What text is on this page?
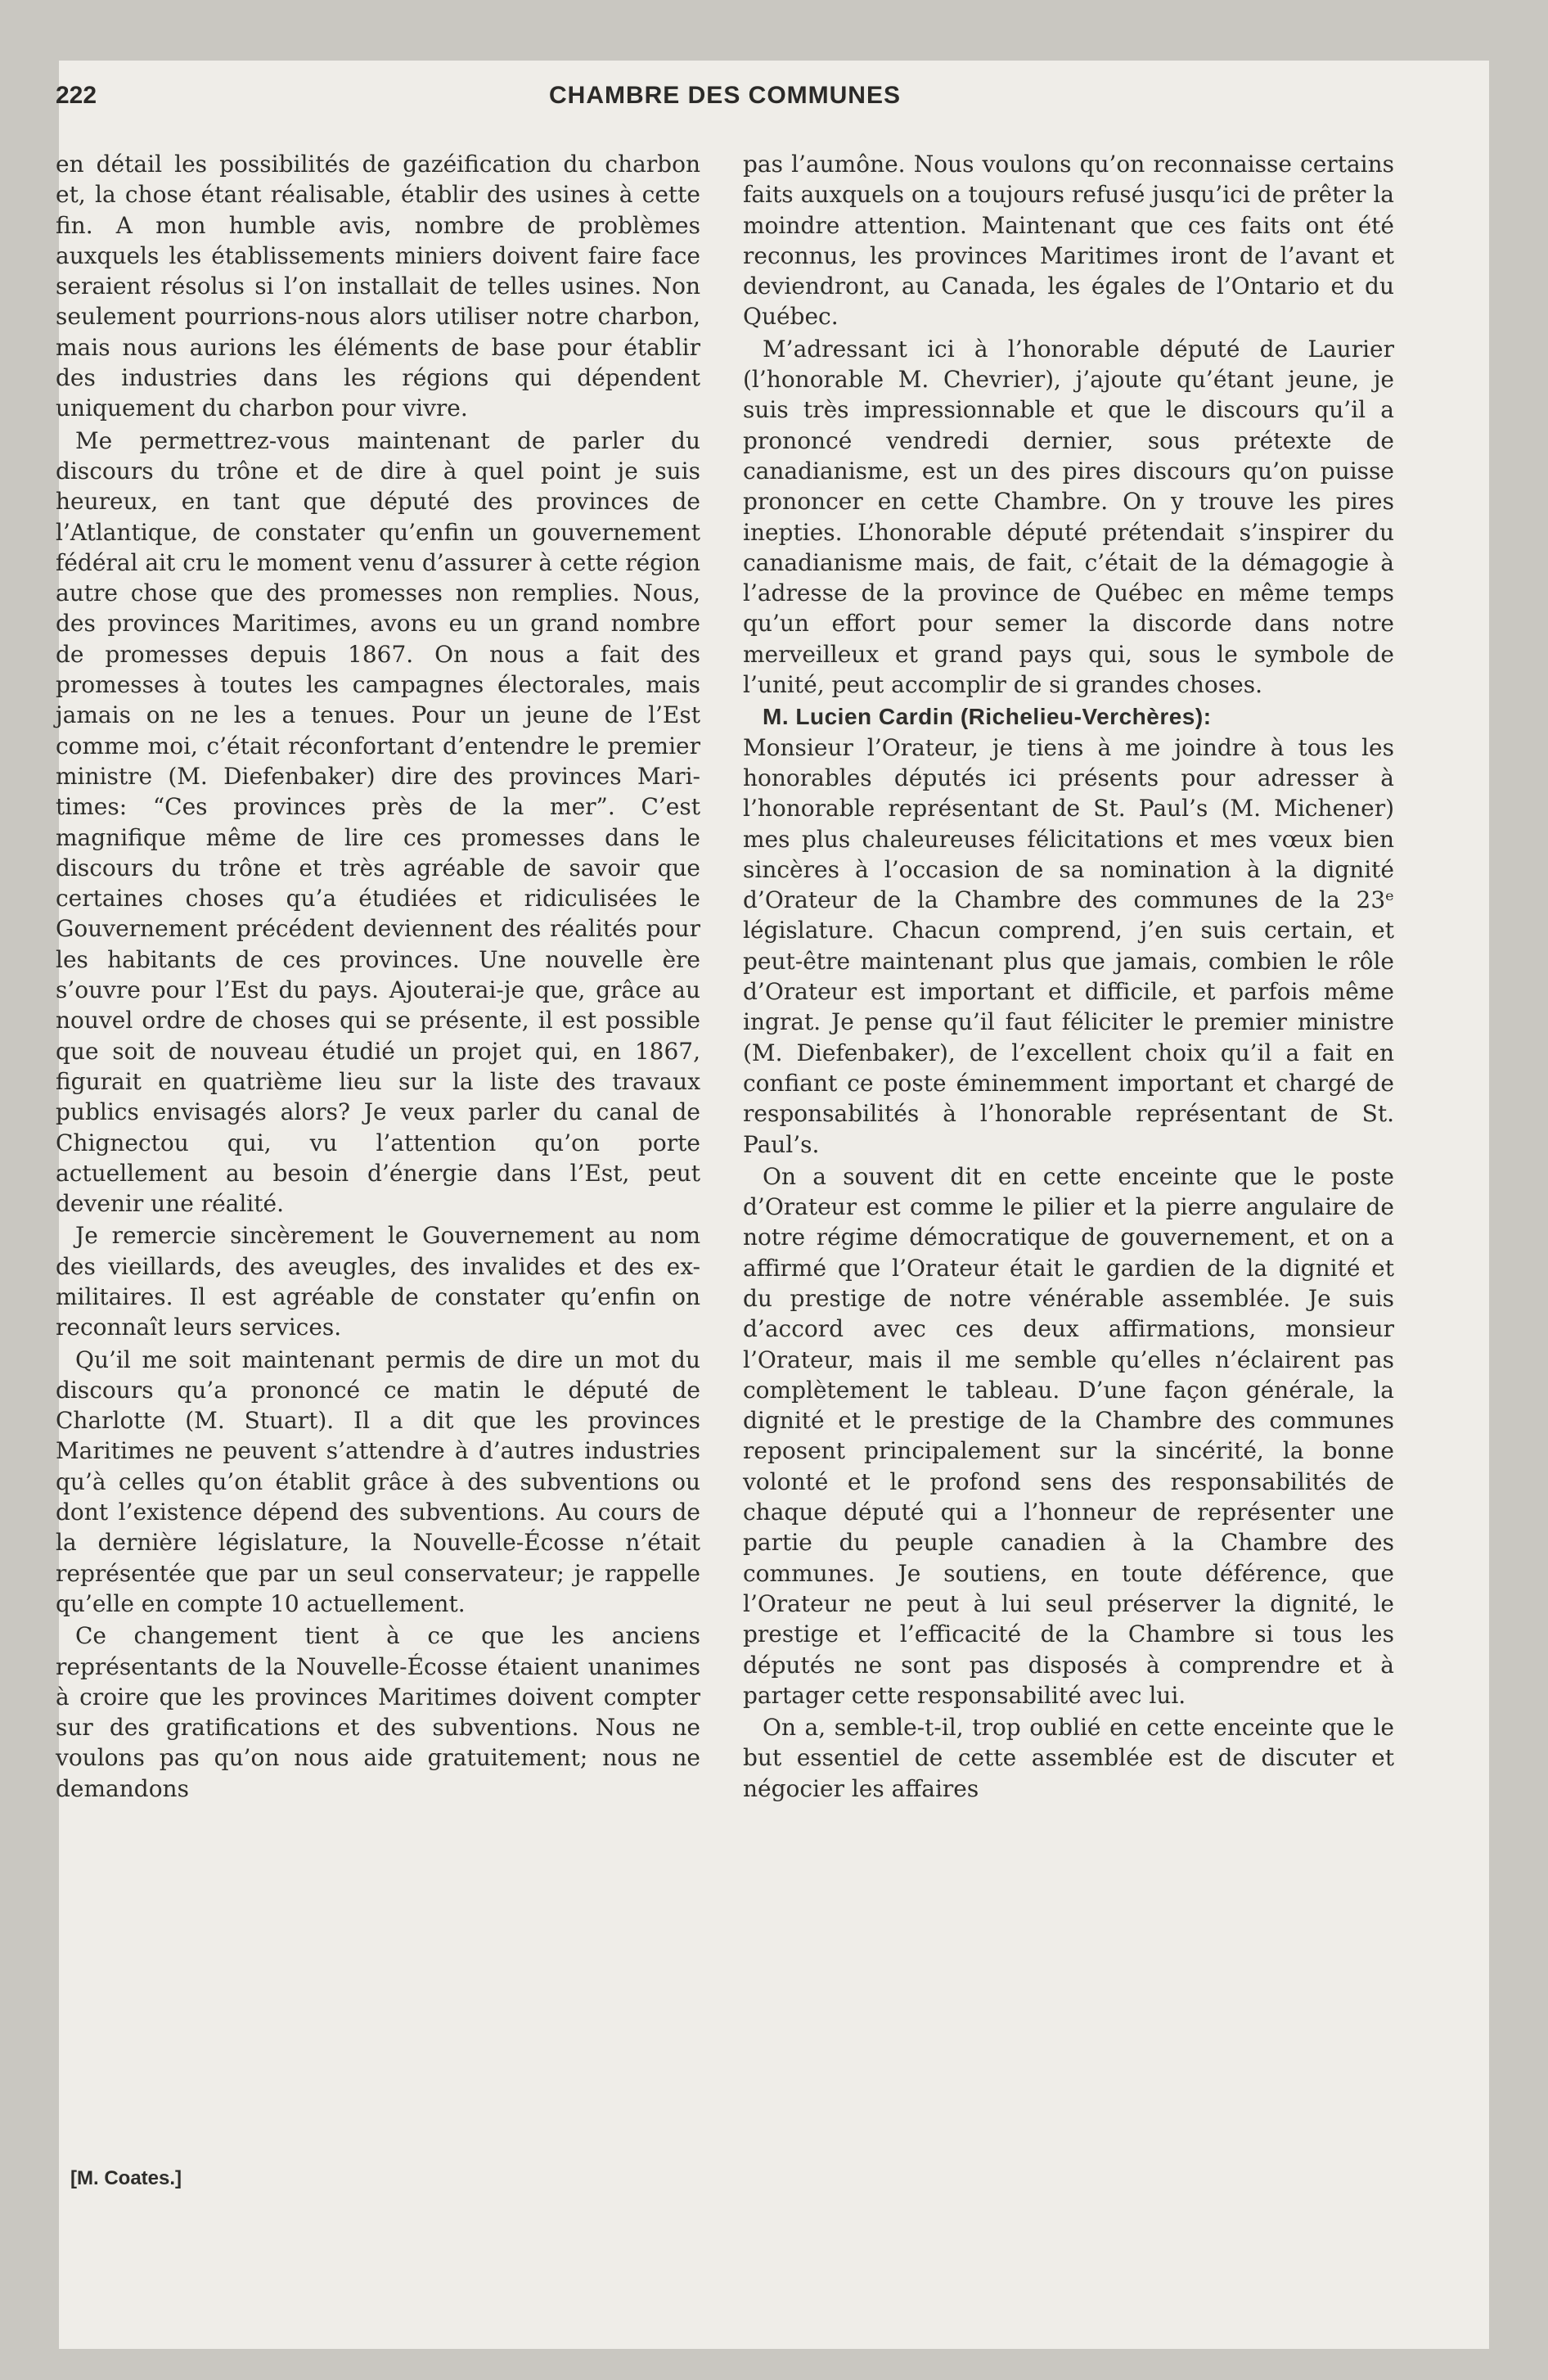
222	CHAMBRE DES COMMUNES

en détail les possibilités de gazéification du charbon et, la chose étant réalisable, établir des usines à cette fin. A mon humble avis, nombre de problèmes auxquels les établissements miniers doivent faire face seraient résolus si l’on installait de telles usines. Non seulement pourrions-nous alors utiliser notre charbon, mais nous aurions les éléments de base pour établir des industries dans les régions qui dépendent uniquement du charbon pour vivre.

Me permettrez-vous maintenant de parler du discours du trône et de dire à quel point je suis heureux, en tant que député des provinces de l’Atlantique, de constater qu’enfin un gouvernement fédéral ait cru le moment venu d’assurer à cette région autre chose que des promesses non remplies. Nous, des provinces Maritimes, avons eu un grand nombre de promesses depuis 1867. On nous a fait des promesses à toutes les campagnes électorales, mais jamais on ne les a tenues. Pour un jeune de l’Est comme moi, c’était réconfortant d’entendre le premier ministre (M. Diefenbaker) dire des provinces Maritimes: “Ces provinces près de la mer”. C’est magnifique même de lire ces promesses dans le discours du trône et très agréable de savoir que certaines choses qu’a étudiées et ridiculisées le Gouvernement précédent deviennent des réalités pour les habitants de ces provinces. Une nouvelle ère s’ouvre pour l’Est du pays. Ajouterai-je que, grâce au nouvel ordre de choses qui se présente, il est possible que soit de nouveau étudié un projet qui, en 1867, figurait en quatrième lieu sur la liste des travaux publics envisagés alors? Je veux parler du canal de Chignectou qui, vu l’attention qu’on porte actuellement au besoin d’énergie dans l’Est, peut devenir une réalité.

Je remercie sincèrement le Gouvernement au nom des vieillards, des aveugles, des invalides et des ex-militaires. Il est agréable de constater qu’enfin on reconnaît leurs services.

Qu’il me soit maintenant permis de dire un mot du discours qu’a prononcé ce matin le député de Charlotte (M. Stuart). Il a dit que les provinces Maritimes ne peuvent s’attendre à d’autres industries qu’à celles qu’on établit grâce à des subventions ou dont l’existence dépend des subventions. Au cours de la dernière législature, la Nouvelle-Écosse n’était représentée que par un seul conservateur; je rappelle qu’elle en compte 10 actuellement.

Ce changement tient à ce que les anciens représentants de la Nouvelle-Écosse étaient unanimes à croire que les provinces Maritimes doivent compter sur des gratifications et des subventions. Nous ne voulons pas qu’on nous aide gratuitement; nous ne demandons

pas l’aumône. Nous voulons qu’on reconnaisse certains faits auxquels on a toujours refusé jusqu’ici de prêter la moindre attention. Maintenant que ces faits ont été reconnus, les provinces Maritimes iront de l’avant et deviendront, au Canada, les égales de l’Ontario et du Québec.

M’adressant ici à l’honorable député de Laurier (l’honorable M. Chevrier), j’ajoute qu’étant jeune, je suis très impressionnable et que le discours qu’il a prononcé vendredi dernier, sous prétexte de canadianisme, est un des pires discours qu’on puisse prononcer en cette Chambre. On y trouve les pires inepties. L’honorable député prétendait s’inspirer du canadianisme mais, de fait, c’était de la démagogie à l’adresse de la province de Québec en même temps qu’un effort pour semer la discorde dans notre merveilleux et grand pays qui, sous le symbole de l’unité, peut accomplir de si grandes choses.

M. Lucien Cardin (Richelieu-Verchères):
Monsieur l’Orateur, je tiens à me joindre à tous les honorables députés ici présents pour adresser à l’honorable représentant de St. Paul’s (M. Michener) mes plus chaleureuses félicitations et mes vœux bien sincères à l’occasion de sa nomination à la dignité d’Orateur de la Chambre des communes de la 23ᵉ législature. Chacun comprend, j’en suis certain, et peut-être maintenant plus que jamais, combien le rôle d’Orateur est important et difficile, et parfois même ingrat. Je pense qu’il faut féliciter le premier ministre (M. Diefenbaker), de l’excellent choix qu’il a fait en confiant ce poste éminemment important et chargé de responsabilités à l’honorable représentant de St. Paul’s.

On a souvent dit en cette enceinte que le poste d’Orateur est comme le pilier et la pierre angulaire de notre régime démocratique de gouvernement, et on a affirmé que l’Orateur était le gardien de la dignité et du prestige de notre vénérable assemblée. Je suis d’accord avec ces deux affirmations, monsieur l’Orateur, mais il me semble qu’elles n’éclairent pas complètement le tableau. D’une façon générale, la dignité et le prestige de la Chambre des communes reposent principalement sur la sincérité, la bonne volonté et le profond sens des responsabilités de chaque député qui a l’honneur de représenter une partie du peuple canadien à la Chambre des communes. Je soutiens, en toute déférence, que l’Orateur ne peut à lui seul préserver la dignité, le prestige et l’efficacité de la Chambre si tous les députés ne sont pas disposés à comprendre et à partager cette responsabilité avec lui.

On a, semble-t-il, trop oublié en cette enceinte que le but essentiel de cette assemblée est de discuter et négocier les affaires

[M. Coates.]
